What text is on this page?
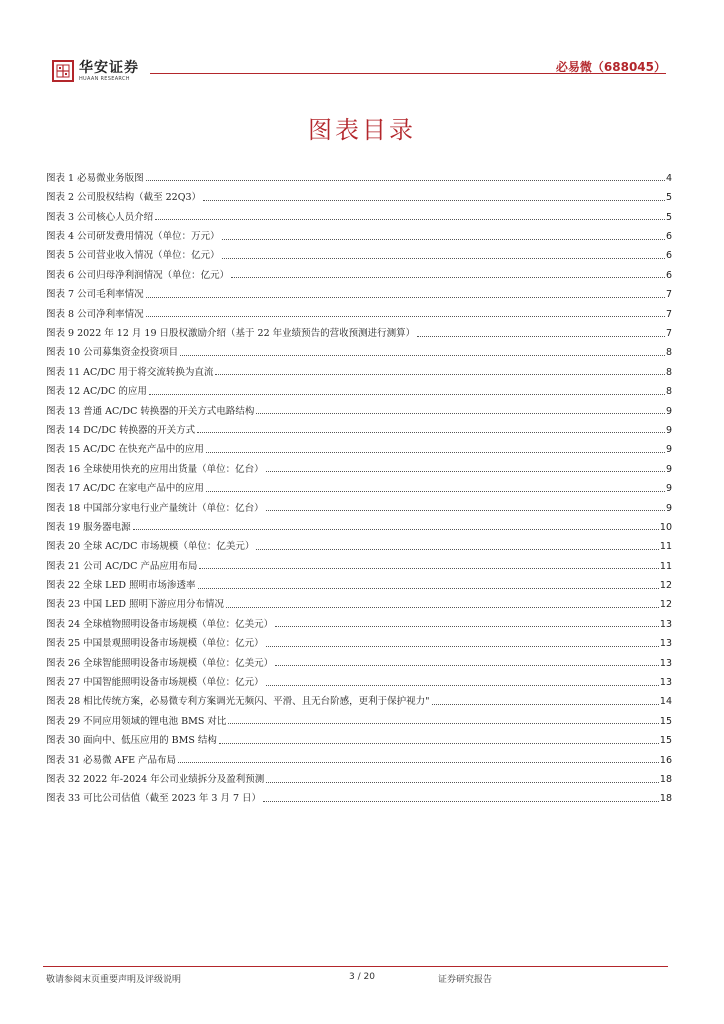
华安证券
HUAAN RESEARCH
必易微（688045）
图表目录
图表 1 必易微业务版图	4
图表 2 公司股权结构（截至 22Q3）	5
图表 3 公司核心人员介绍	5
图表 4 公司研发费用情况（单位：万元）	6
图表 5 公司营业收入情况（单位：亿元）	6
图表 6 公司归母净利润情况（单位：亿元）	6
图表 7 公司毛利率情况	7
图表 8 公司净利率情况	7
图表 9 2022 年 12 月 19 日股权激励介绍（基于 22 年业绩预告的营收预测进行测算）	7
图表 10 公司募集资金投资项目	8
图表 11 AC/DC 用于将交流转换为直流	8
图表 12 AC/DC 的应用	8
图表 13 普通 AC/DC 转换器的开关方式电路结构	9
图表 14 DC/DC 转换器的开关方式	9
图表 15 AC/DC 在快充产品中的应用	9
图表 16 全球使用快充的应用出货量（单位：亿台）	9
图表 17 AC/DC 在家电产品中的应用	9
图表 18 中国部分家电行业产量统计（单位：亿台）	9
图表 19 服务器电源	10
图表 20 全球 AC/DC 市场规模（单位：亿美元）	11
图表 21 公司 AC/DC 产品应用布局	11
图表 22 全球 LED 照明市场渗透率	12
图表 23 中国 LED 照明下游应用分布情况	12
图表 24 全球植物照明设备市场规模（单位：亿美元）	13
图表 25 中国景观照明设备市场规模（单位：亿元）	13
图表 26 全球智能照明设备市场规模（单位：亿美元）	13
图表 27 中国智能照明设备市场规模（单位：亿元）	13
图表 28 相比传统方案，必易微专利方案调光无频闪、平滑、且无台阶感，更利于保护视力"	14
图表 29 不同应用领域的锂电池 BMS 对比	15
图表 30 面向中、低压应用的 BMS 结构	15
图表 31 必易微 AFE 产品布局	16
图表 32 2022 年-2024 年公司业绩拆分及盈利预测	18
图表 33 可比公司估值（截至 2023 年 3 月 7 日）	18
敬请参阅末页重要声明及评级说明	3 / 20	证券研究报告
